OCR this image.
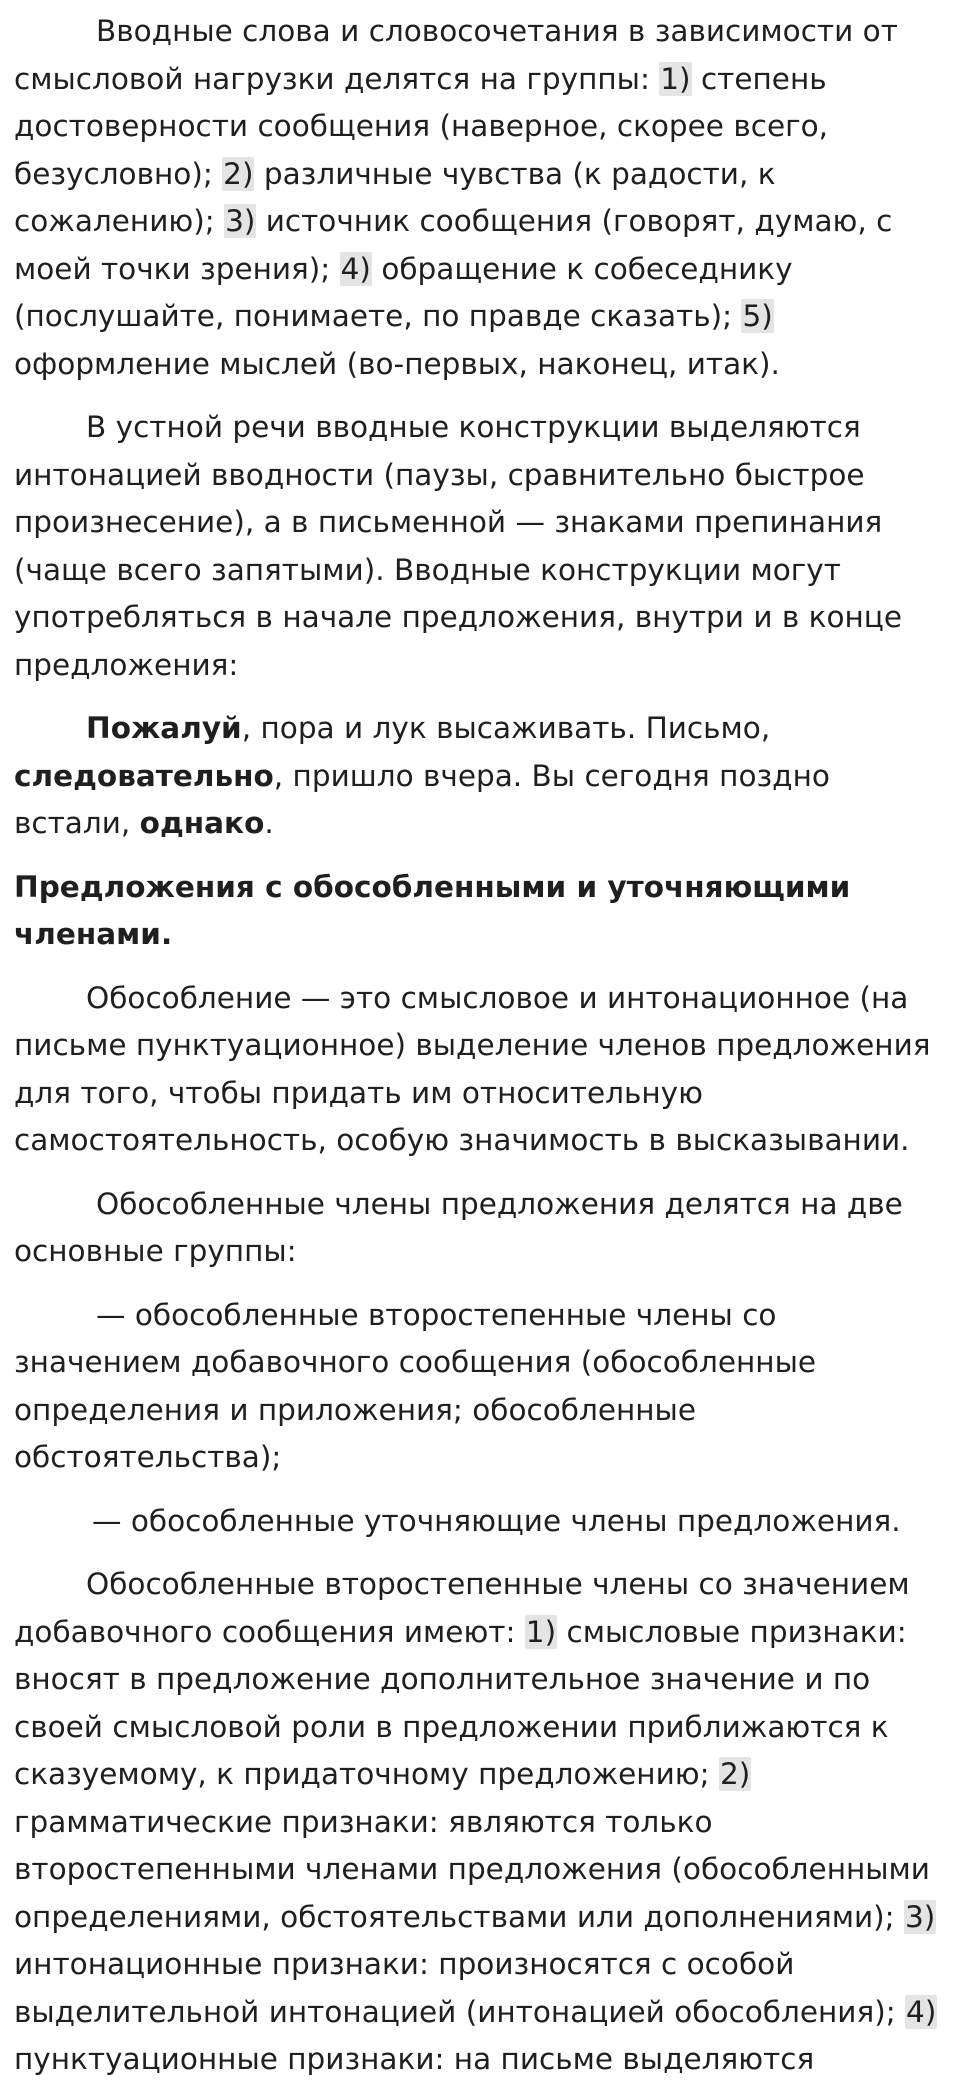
Вводные слова и словосочетания в зависимости от смысловой нагрузки делятся на группы: 1) степень достоверности сообщения (наверное, скорее всего, безусловно); 2) различные чувства (к радости, к сожалению); 3) источник сообщения (говорят, думаю, с моей точки зрения); 4) обращение к собеседнику (послушайте, понимаете, по правде сказать); 5) оформление мыслей (во-первых, наконец, итак).

В устной речи вводные конструкции выделяются интонацией вводности (паузы, сравнительно быстрое произнесение), а в письменной — знаками препинания (чаще всего запятыми). Вводные конструкции могут употребляться в начале предложения, внутри и в конце предложения:

Пожалуй, пора и лук высаживать. Письмо, следовательно, пришло вчера. Вы сегодня поздно встали, однако.

Предложения с обособленными и уточняющими членами.

Обособление — это смысловое и интонационное (на письме пунктуационное) выделение членов предложения для того, чтобы придать им относительную самостоятельность, особую значимость в высказывании.

Обособленные члены предложения делятся на две основные группы:

— обособленные второстепенные члены со значением добавочного сообщения (обособленные определения и приложения; обособленные обстоятельства);

— обособленные уточняющие члены предложения.

Обособленные второстепенные члены со значением добавочного сообщения имеют: 1) смысловые признаки: вносят в предложение дополнительное значение и по своей смысловой роли в предложении приближаются к сказуемому, к придаточному предложению; 2) грамматические признаки: являются только второстепенными членами предложения (обособленными определениями, обстоятельствами или дополнениями); 3) интонационные признаки: произносятся с особой выделительной интонацией (интонацией обособления); 4) пунктуационные признаки: на письме выделяются
